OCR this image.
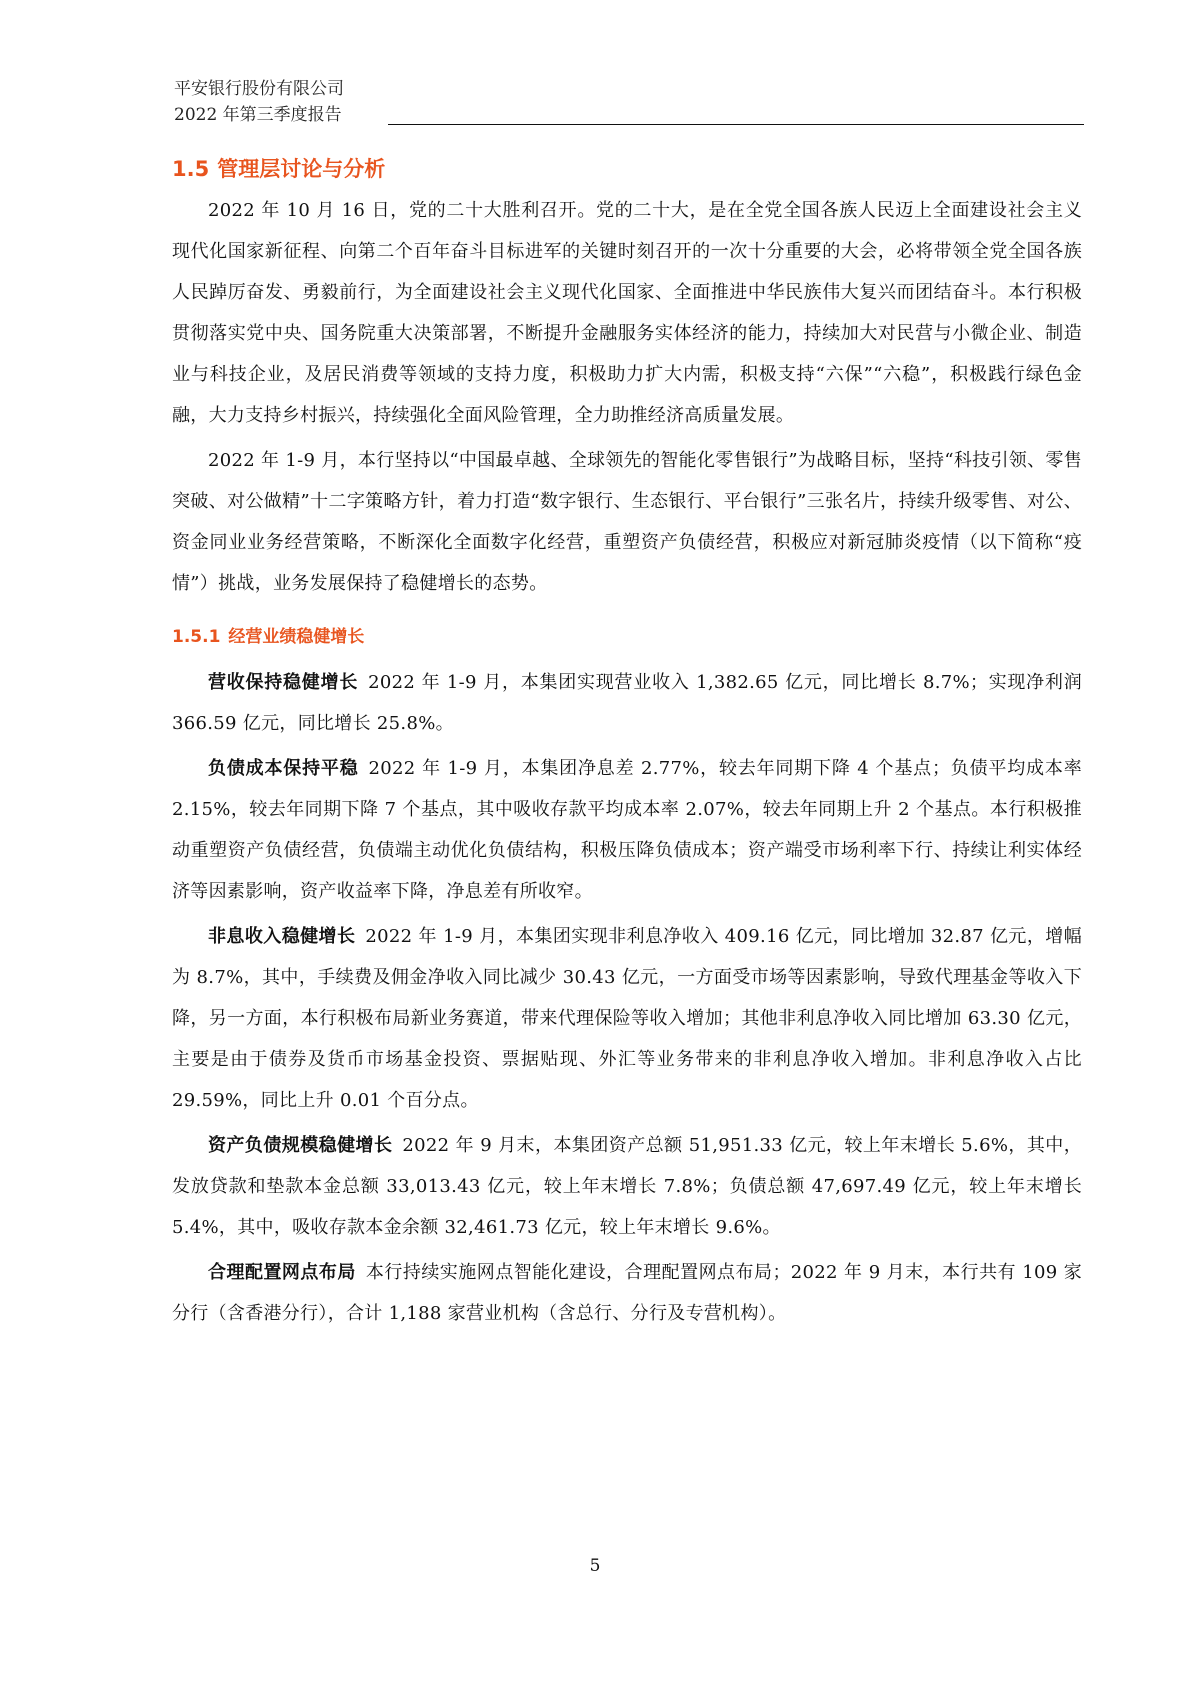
平安银行股份有限公司
2022 年第三季度报告
1.5 管理层讨论与分析

2022 年 10 月 16 日，党的二十大胜利召开。党的二十大，是在全党全国各族人民迈上全面建设社会主义现代化国家新征程、向第二个百年奋斗目标进军的关键时刻召开的一次十分重要的大会，必将带领全党全国各族人民踔厉奋发、勇毅前行，为全面建设社会主义现代化国家、全面推进中华民族伟大复兴而团结奋斗。本行积极贯彻落实党中央、国务院重大决策部署，不断提升金融服务实体经济的能力，持续加大对民营与小微企业、制造业与科技企业，及居民消费等领域的支持力度，积极助力扩大内需，积极支持“六保”“六稳”，积极践行绿色金融，大力支持乡村振兴，持续强化全面风险管理，全力助推经济高质量发展。

2022 年 1-9 月，本行坚持以“中国最卓越、全球领先的智能化零售银行”为战略目标，坚持“科技引领、零售突破、对公做精”十二字策略方针，着力打造“数字银行、生态银行、平台银行”三张名片，持续升级零售、对公、资金同业业务经营策略，不断深化全面数字化经营，重塑资产负债经营，积极应对新冠肺炎疫情（以下简称“疫情”）挑战，业务发展保持了稳健增长的态势。

1.5.1 经营业绩稳健增长

营收保持稳健增长 2022 年 1-9 月，本集团实现营业收入 1,382.65 亿元，同比增长 8.7%；实现净利润 366.59 亿元，同比增长 25.8%。

负债成本保持平稳 2022 年 1-9 月，本集团净息差 2.77%，较去年同期下降 4 个基点；负债平均成本率 2.15%，较去年同期下降 7 个基点，其中吸收存款平均成本率 2.07%，较去年同期上升 2 个基点。本行积极推动重塑资产负债经营，负债端主动优化负债结构，积极压降负债成本；资产端受市场利率下行、持续让利实体经济等因素影响，资产收益率下降，净息差有所收窄。

非息收入稳健增长 2022 年 1-9 月，本集团实现非利息净收入 409.16 亿元，同比增加 32.87 亿元，增幅为 8.7%，其中，手续费及佣金净收入同比减少 30.43 亿元，一方面受市场等因素影响，导致代理基金等收入下降，另一方面，本行积极布局新业务赛道，带来代理保险等收入增加；其他非利息净收入同比增加 63.30 亿元，主要是由于债券及货币市场基金投资、票据贴现、外汇等业务带来的非利息净收入增加。非利息净收入占比 29.59%，同比上升 0.01 个百分点。

资产负债规模稳健增长 2022 年 9 月末，本集团资产总额 51,951.33 亿元，较上年末增长 5.6%，其中，发放贷款和垫款本金总额 33,013.43 亿元，较上年末增长 7.8%；负债总额 47,697.49 亿元，较上年末增长 5.4%，其中，吸收存款本金余额 32,461.73 亿元，较上年末增长 9.6%。

合理配置网点布局 本行持续实施网点智能化建设，合理配置网点布局；2022 年 9 月末，本行共有 109 家分行（含香港分行），合计 1,188 家营业机构（含总行、分行及专营机构）。

5
